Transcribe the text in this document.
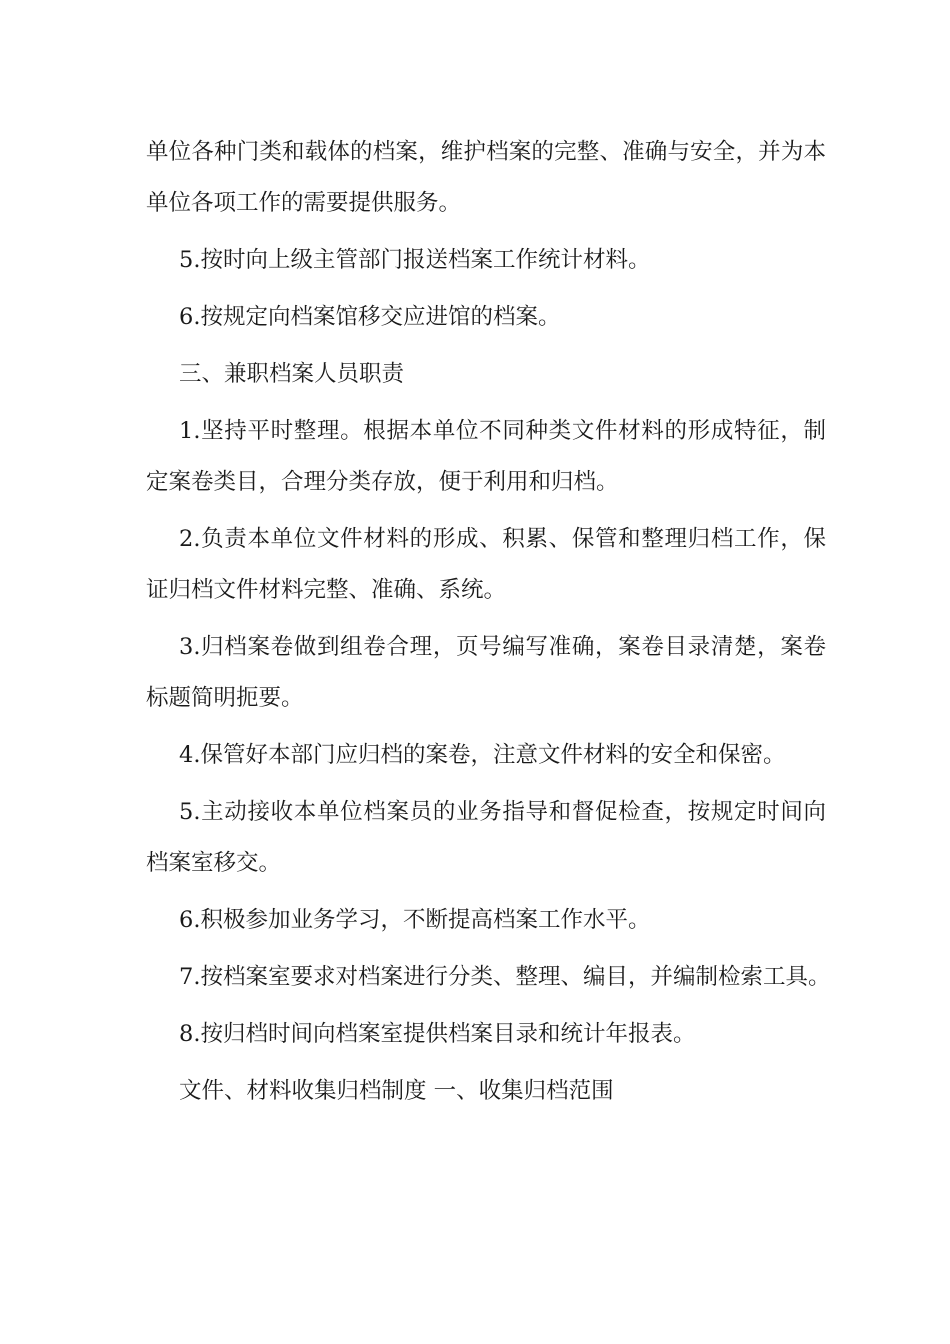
单位各种门类和载体的档案，维护档案的完整、准确与安全，并为本单位各项工作的需要提供服务。

5.按时向上级主管部门报送档案工作统计材料。

6.按规定向档案馆移交应进馆的档案。

三、兼职档案人员职责

1.坚持平时整理。根据本单位不同种类文件材料的形成特征，制定案卷类目，合理分类存放，便于利用和归档。

2.负责本单位文件材料的形成、积累、保管和整理归档工作，保证归档文件材料完整、准确、系统。

3.归档案卷做到组卷合理，页号编写准确，案卷目录清楚，案卷标题简明扼要。

4.保管好本部门应归档的案卷，注意文件材料的安全和保密。

5.主动接收本单位档案员的业务指导和督促检查，按规定时间向档案室移交。

6.积极参加业务学习，不断提高档案工作水平。

7.按档案室要求对档案进行分类、整理、编目，并编制检索工具。

8.按归档时间向档案室提供档案目录和统计年报表。

文件、材料收集归档制度 一、收集归档范围
